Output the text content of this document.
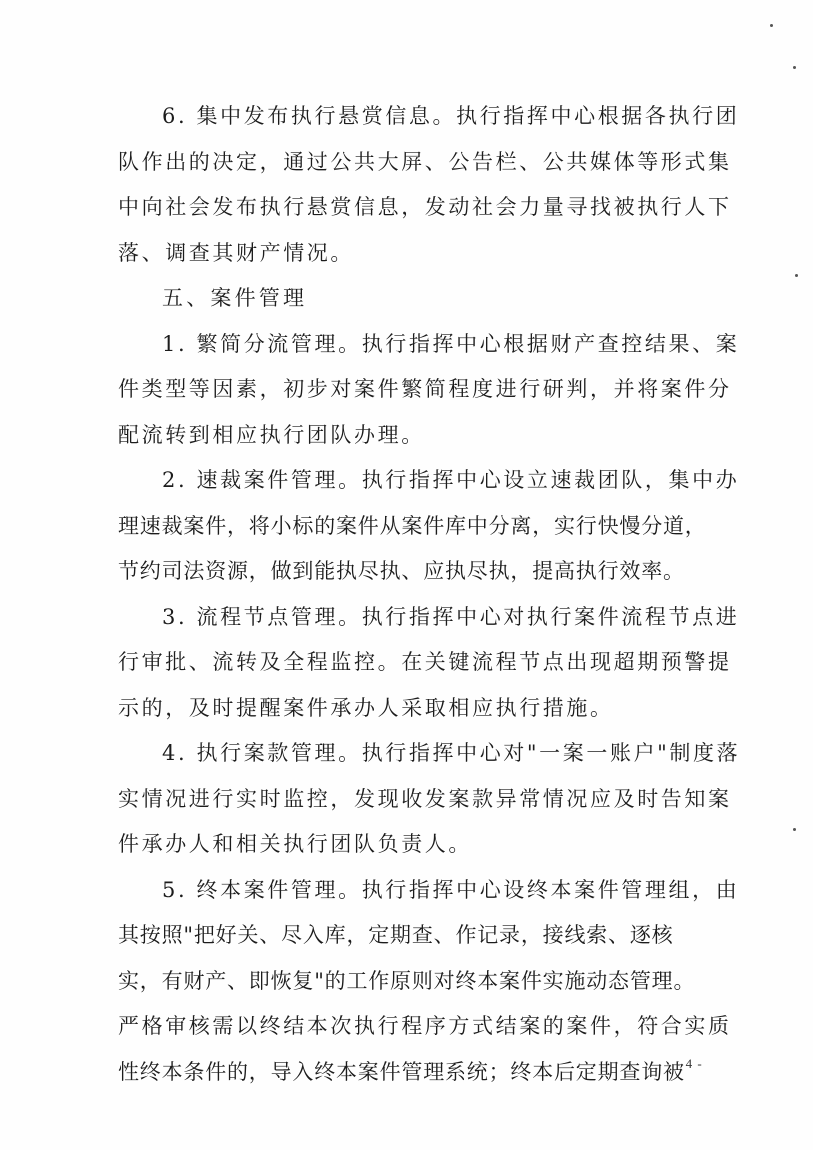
6. 集中发布执行悬赏信息。执行指挥中心根据各执行团
队作出的决定，通过公共大屏、公告栏、公共媒体等形式集
中向社会发布执行悬赏信息，发动社会力量寻找被执行人下
落、调查其财产情况。
五、案件管理
1. 繁简分流管理。执行指挥中心根据财产查控结果、案
件类型等因素，初步对案件繁简程度进行研判，并将案件分
配流转到相应执行团队办理。
2. 速裁案件管理。执行指挥中心设立速裁团队，集中办
理速裁案件，将小标的案件从案件库中分离，实行快慢分道，
节约司法资源，做到能执尽执、应执尽执，提高执行效率。
3. 流程节点管理。执行指挥中心对执行案件流程节点进
行审批、流转及全程监控。在关键流程节点出现超期预警提
示的，及时提醒案件承办人采取相应执行措施。
4. 执行案款管理。执行指挥中心对"一案一账户"制度落
实情况进行实时监控，发现收发案款异常情况应及时告知案
件承办人和相关执行团队负责人。
5. 终本案件管理。执行指挥中心设终本案件管理组，由
其按照"把好关、尽入库，定期查、作记录，接线索、逐核
实，有财产、即恢复"的工作原则对终本案件实施动态管理。
严格审核需以终结本次执行程序方式结案的案件，符合实质
性终本条件的，导入终本案件管理系统；终本后定期查询被
- 4 -
